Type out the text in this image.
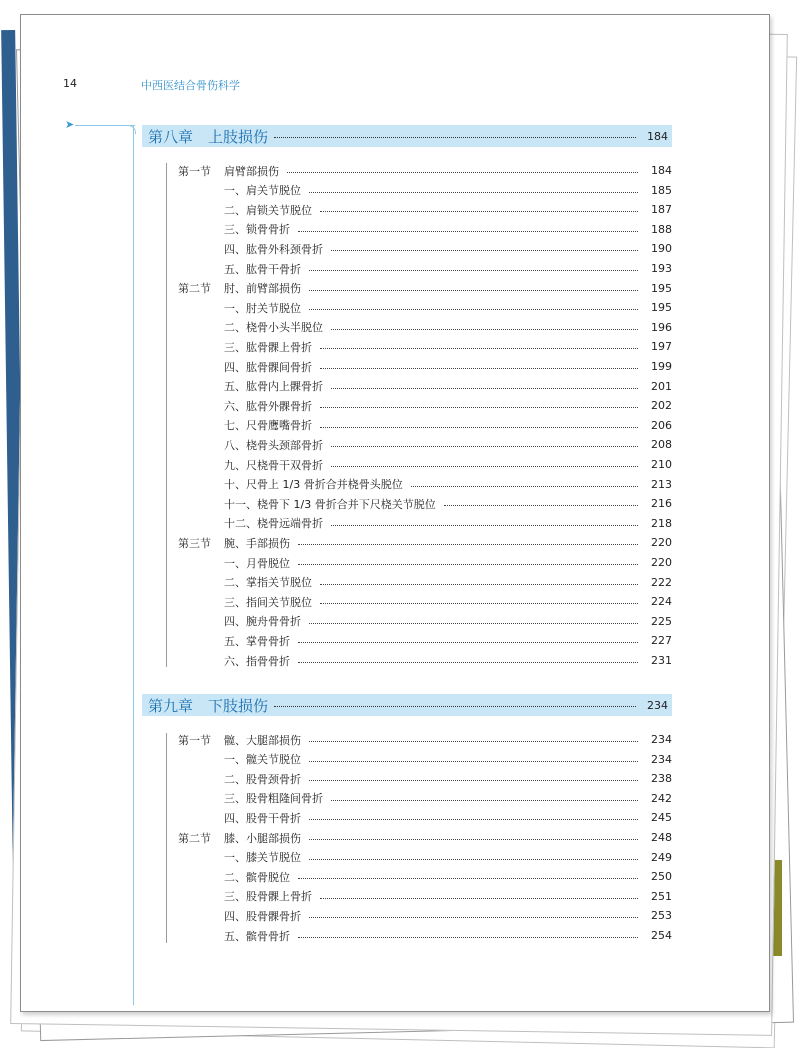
14	中西医结合骨伤科学
➤
第八章　上肢损伤	184
第一节	肩臂部损伤	184
一、肩关节脱位	185
二、肩锁关节脱位	187
三、锁骨骨折	188
四、肱骨外科颈骨折	190
五、肱骨干骨折	193
第二节	肘、前臂部损伤	195
一、肘关节脱位	195
二、桡骨小头半脱位	196
三、肱骨髁上骨折	197
四、肱骨髁间骨折	199
五、肱骨内上髁骨折	201
六、肱骨外髁骨折	202
七、尺骨鹰嘴骨折	206
八、桡骨头颈部骨折	208
九、尺桡骨干双骨折	210
十、尺骨上 1/3 骨折合并桡骨头脱位	213
十一、桡骨下 1/3 骨折合并下尺桡关节脱位	216
十二、桡骨远端骨折	218
第三节	腕、手部损伤	220
一、月骨脱位	220
二、掌指关节脱位	222
三、指间关节脱位	224
四、腕舟骨骨折	225
五、掌骨骨折	227
六、指骨骨折	231
第九章　下肢损伤	234
第一节	髋、大腿部损伤	234
一、髋关节脱位	234
二、股骨颈骨折	238
三、股骨粗隆间骨折	242
四、股骨干骨折	245
第二节	膝、小腿部损伤	248
一、膝关节脱位	249
二、髌骨脱位	250
三、股骨髁上骨折	251
四、股骨髁骨折	253
五、髌骨骨折	254
